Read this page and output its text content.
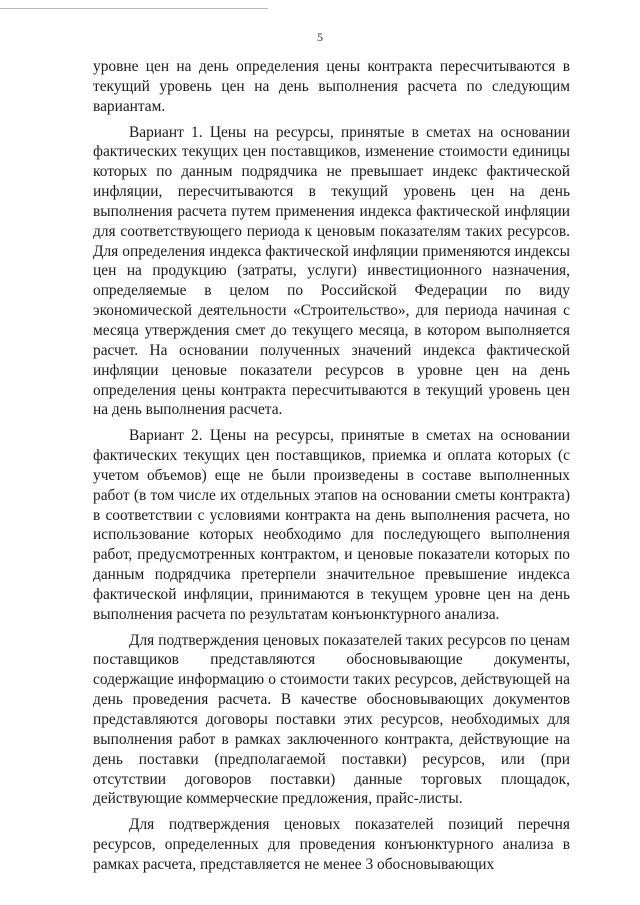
5

уровне цен на день определения цены контракта пересчитываются в текущий уровень цен на день выполнения расчета по следующим вариантам.

Вариант 1. Цены на ресурсы, принятые в сметах на основании фактических текущих цен поставщиков, изменение стоимости единицы которых по данным подрядчика не превышает индекс фактической инфляции, пересчитываются в текущий уровень цен на день выполнения расчета путем применения индекса фактической инфляции для соответствующего периода к ценовым показателям таких ресурсов. Для определения индекса фактической инфляции применяются индексы цен на продукцию (затраты, услуги) инвестиционного назначения, определяемые в целом по Российской Федерации по виду экономической деятельности «Строительство», для периода начиная с месяца утверждения смет до текущего месяца, в котором выполняется расчет. На основании полученных значений индекса фактической инфляции ценовые показатели ресурсов в уровне цен на день определения цены контракта пересчитываются в текущий уровень цен на день выполнения расчета.

Вариант 2. Цены на ресурсы, принятые в сметах на основании фактических текущих цен поставщиков, приемка и оплата которых (с учетом объемов) еще не были произведены в составе выполненных работ (в том числе их отдельных этапов на основании сметы контракта) в соответствии с условиями контракта на день выполнения расчета, но использование которых необходимо для последующего выполнения работ, предусмотренных контрактом, и ценовые показатели которых по данным подрядчика претерпели значительное превышение индекса фактической инфляции, принимаются в текущем уровне цен на день выполнения расчета по результатам конъюнктурного анализа.

Для подтверждения ценовых показателей таких ресурсов по ценам поставщиков представляются обосновывающие документы, содержащие информацию о стоимости таких ресурсов, действующей на день проведения расчета. В качестве обосновывающих документов представляются договоры поставки этих ресурсов, необходимых для выполнения работ в рамках заключенного контракта, действующие на день поставки (предполагаемой поставки) ресурсов, или (при отсутствии договоров поставки) данные торговых площадок, действующие коммерческие предложения, прайс-листы.

Для подтверждения ценовых показателей позиций перечня ресурсов, определенных для проведения конъюнктурного анализа в рамках расчета, представляется не менее 3 обосновывающих
